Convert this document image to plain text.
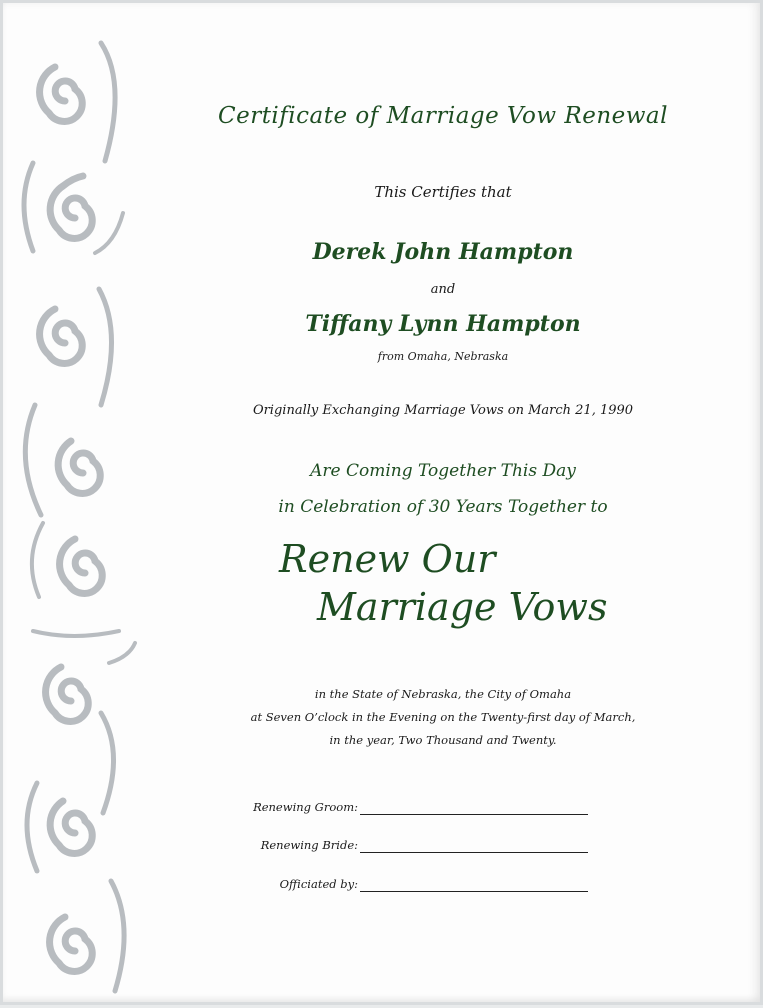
Certificate of Marriage Vow Renewal
This Certifies that
Derek John Hampton
and
Tiffany Lynn Hampton
from Omaha, Nebraska
Originally Exchanging Marriage Vows on March 21, 1990
Are Coming Together This Day
in Celebration of 30 Years Together to
Renew Our
Marriage Vows
in the State of Nebraska, the City of Omaha
at Seven O’clock in the Evening on the Twenty-first day of March,
in the year, Two Thousand and Twenty.
Renewing Groom:
Renewing Bride:
Officiated by:
